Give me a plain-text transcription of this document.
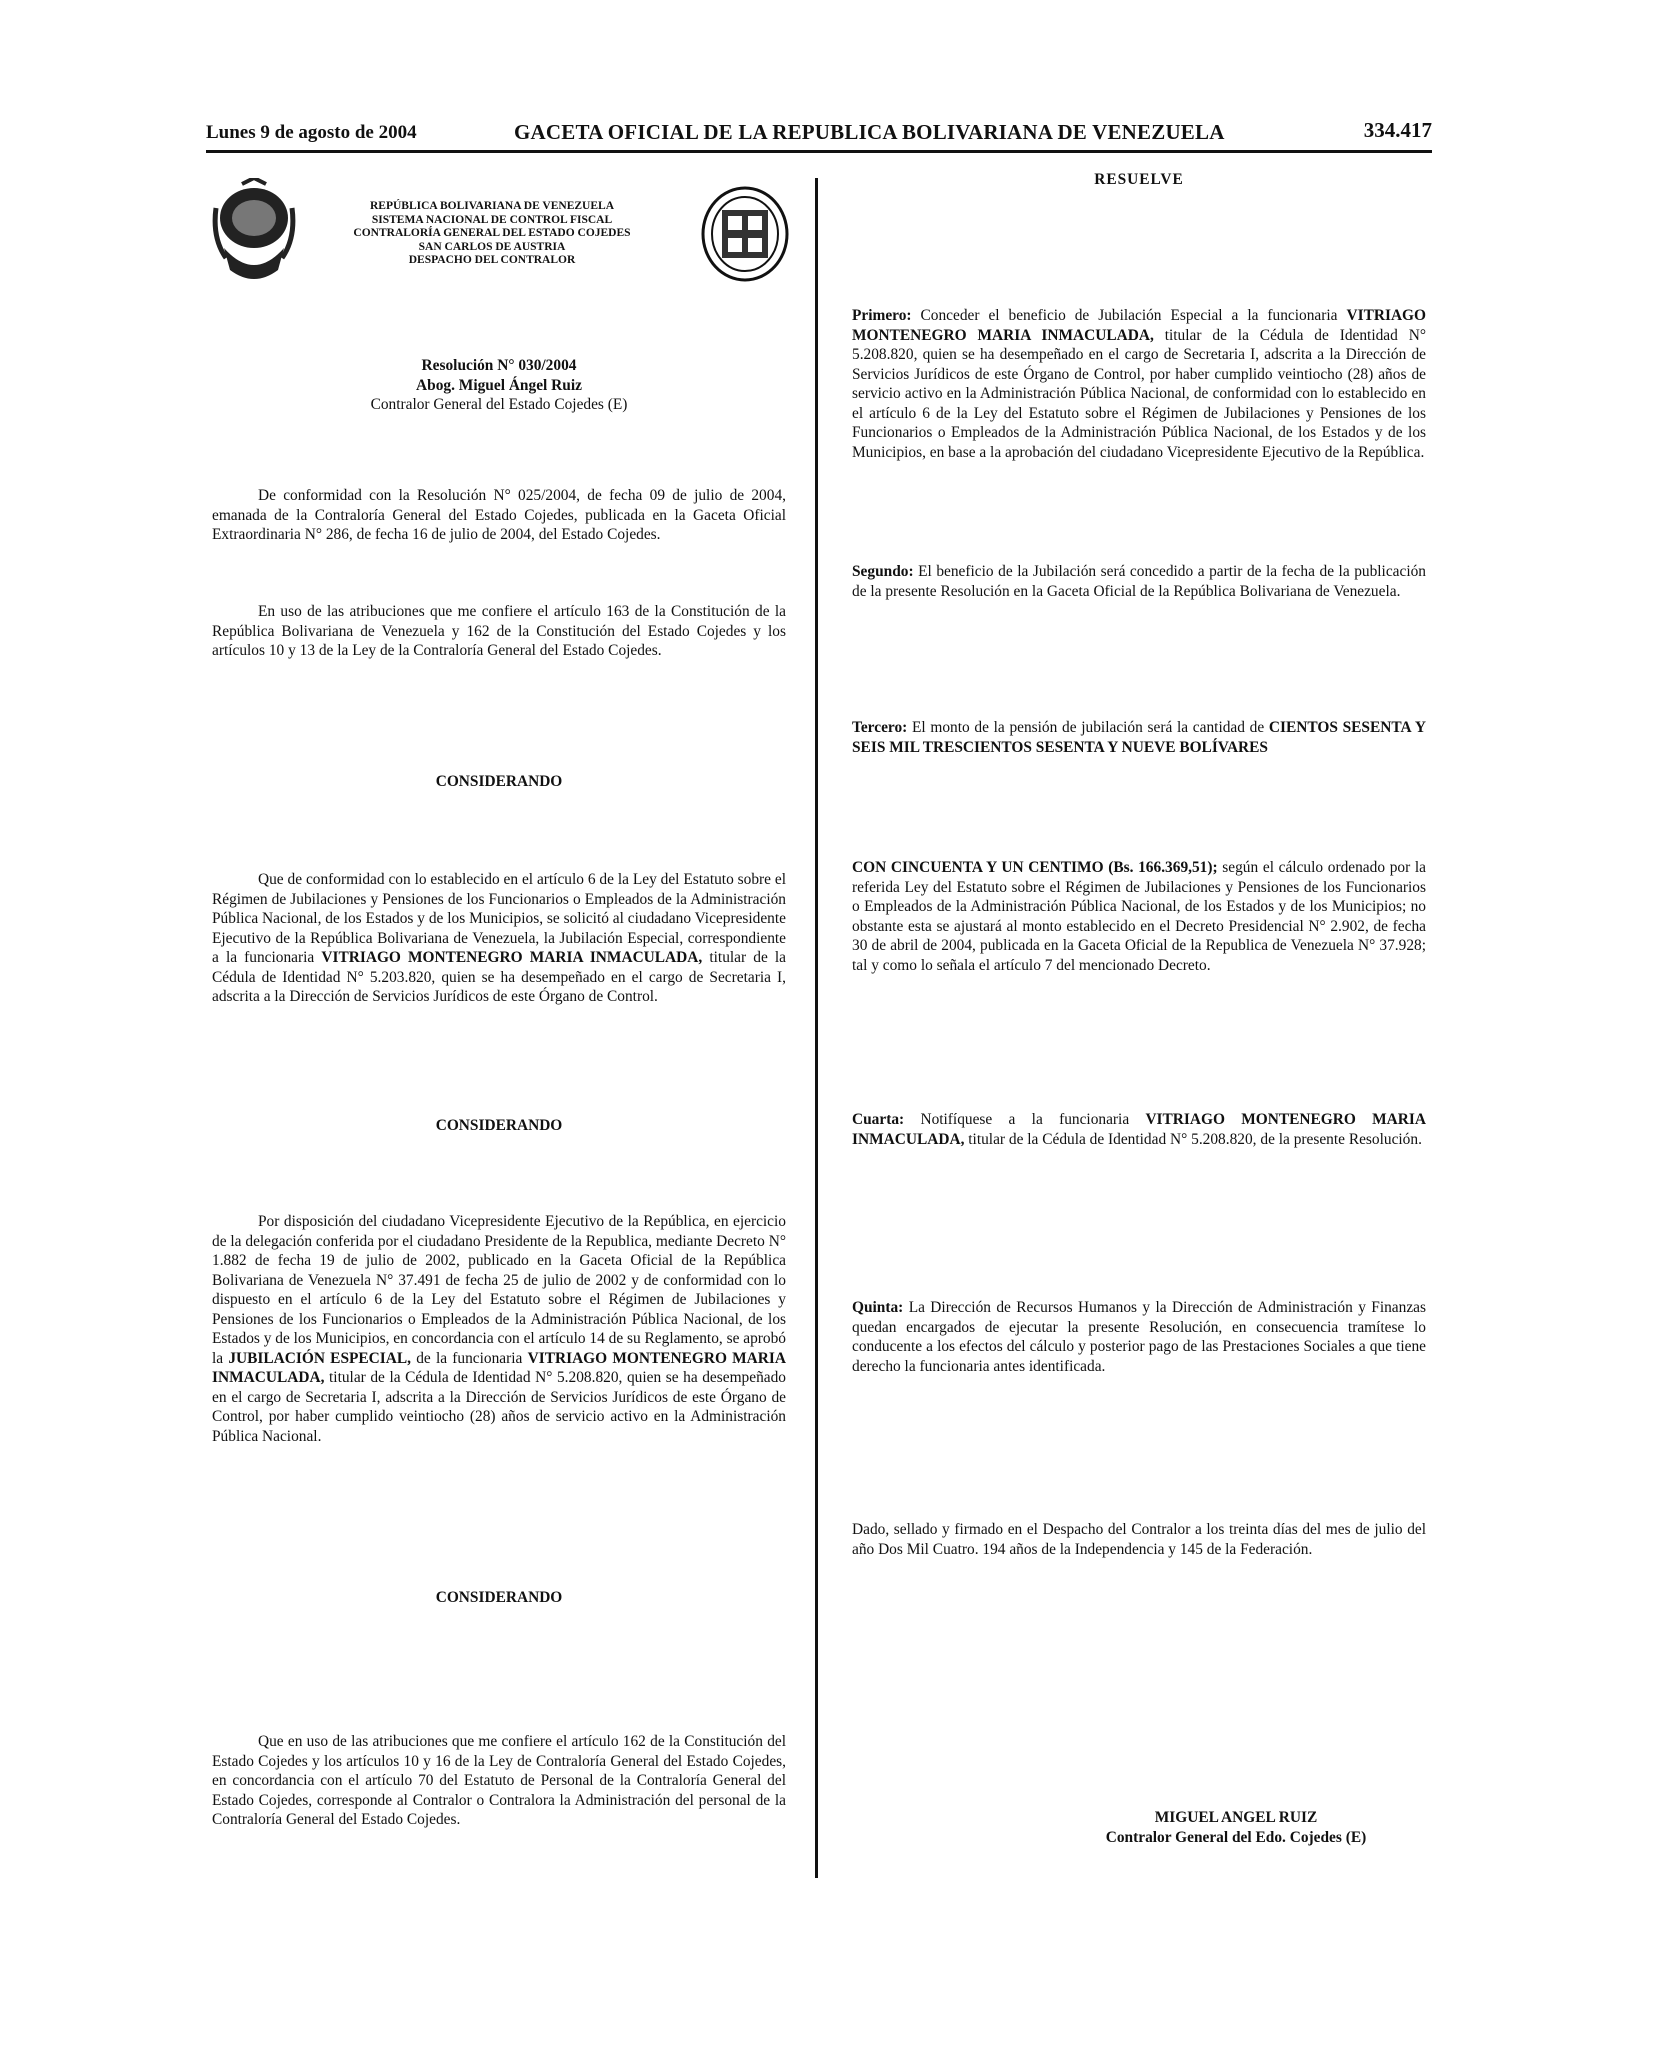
Lunes 9 de agosto de 2004	GACETA OFICIAL DE LA REPUBLICA BOLIVARIANA DE VENEZUELA	334.417
REPÚBLICA BOLIVARIANA DE VENEZUELA
SISTEMA NACIONAL DE CONTROL FISCAL
CONTRALORÍA GENERAL DEL ESTADO COJEDES
SAN CARLOS DE AUSTRIA
DESPACHO DEL CONTRALOR

Resolución N° 030/2004

Abog. Miguel Ángel Ruiz

Contralor General del Estado Cojedes (E)

De conformidad con la Resolución N° 025/2004, de fecha 09 de julio de 2004, emanada de la Contraloría General del Estado Cojedes, publicada en la Gaceta Oficial Extraordinaria N° 286, de fecha 16 de julio de 2004, del Estado Cojedes.

En uso de las atribuciones que me confiere el artículo 163 de la Constitución de la República Bolivariana de Venezuela y 162 de la Constitución del Estado Cojedes y los artículos 10 y 13 de la Ley de la Contraloría General del Estado Cojedes.

CONSIDERANDO

Que de conformidad con lo establecido en el artículo 6 de la Ley del Estatuto sobre el Régimen de Jubilaciones y Pensiones de los Funcionarios o Empleados de la Administración Pública Nacional, de los Estados y de los Municipios, se solicitó al ciudadano Vicepresidente Ejecutivo de la República Bolivariana de Venezuela, la Jubilación Especial, correspondiente a la funcionaria VITRIAGO MONTENEGRO MARIA INMACULADA, titular de la Cédula de Identidad N° 5.203.820, quien se ha desempeñado en el cargo de Secretaria I, adscrita a la Dirección de Servicios Jurídicos de este Órgano de Control.

CONSIDERANDO

Por disposición del ciudadano Vicepresidente Ejecutivo de la República, en ejercicio de la delegación conferida por el ciudadano Presidente de la Republica, mediante Decreto N° 1.882 de fecha 19 de julio de 2002, publicado en la Gaceta Oficial de la República Bolivariana de Venezuela N° 37.491 de fecha 25 de julio de 2002 y de conformidad con lo dispuesto en el artículo 6 de la Ley del Estatuto sobre el Régimen de Jubilaciones y Pensiones de los Funcionarios o Empleados de la Administración Pública Nacional, de los Estados y de los Municipios, en concordancia con el artículo 14 de su Reglamento, se aprobó la JUBILACIÓN ESPECIAL, de la funcionaria VITRIAGO MONTENEGRO MARIA INMACULADA, titular de la Cédula de Identidad N° 5.208.820, quien se ha desempeñado en el cargo de Secretaria I, adscrita a la Dirección de Servicios Jurídicos de este Órgano de Control, por haber cumplido veintiocho (28) años de servicio activo en la Administración Pública Nacional.

CONSIDERANDO

Que en uso de las atribuciones que me confiere el artículo 162 de la Constitución del Estado Cojedes y los artículos 10 y 16 de la Ley de Contraloría General del Estado Cojedes, en concordancia con el artículo 70 del Estatuto de Personal de la Contraloría General del Estado Cojedes, corresponde al Contralor o Contralora la Administración del personal de la Contraloría General del Estado Cojedes.

RESUELVE

Primero: Conceder el beneficio de Jubilación Especial a la funcionaria VITRIAGO MONTENEGRO MARIA INMACULADA, titular de la Cédula de Identidad N° 5.208.820, quien se ha desempeñado en el cargo de Secretaria I, adscrita a la Dirección de Servicios Jurídicos de este Órgano de Control, por haber cumplido veintiocho (28) años de servicio activo en la Administración Pública Nacional, de conformidad con lo establecido en el artículo 6 de la Ley del Estatuto sobre el Régimen de Jubilaciones y Pensiones de los Funcionarios o Empleados de la Administración Pública Nacional, de los Estados y de los Municipios, en base a la aprobación del ciudadano Vicepresidente Ejecutivo de la República.

Segundo: El beneficio de la Jubilación será concedido a partir de la fecha de la publicación de la presente Resolución en la Gaceta Oficial de la República Bolivariana de Venezuela.

Tercero: El monto de la pensión de jubilación será la cantidad de CIENTOS SESENTA Y SEIS MIL TRESCIENTOS SESENTA Y NUEVE BOLÍVARES

CON CINCUENTA Y UN CENTIMO (Bs. 166.369,51); según el cálculo ordenado por la referida Ley del Estatuto sobre el Régimen de Jubilaciones y Pensiones de los Funcionarios o Empleados de la Administración Pública Nacional, de los Estados y de los Municipios; no obstante esta se ajustará al monto establecido en el Decreto Presidencial N° 2.902, de fecha 30 de abril de 2004, publicada en la Gaceta Oficial de la Republica de Venezuela N° 37.928; tal y como lo señala el artículo 7 del mencionado Decreto.

Cuarta: Notifíquese a la funcionaria VITRIAGO MONTENEGRO MARIA INMACULADA, titular de la Cédula de Identidad N° 5.208.820, de la presente Resolución.

Quinta: La Dirección de Recursos Humanos y la Dirección de Administración y Finanzas quedan encargados de ejecutar la presente Resolución, en consecuencia tramítese lo conducente a los efectos del cálculo y posterior pago de las Prestaciones Sociales a que tiene derecho la funcionaria antes identificada.

Dado, sellado y firmado en el Despacho del Contralor a los treinta días del mes de julio del año Dos Mil Cuatro. 194 años de la Independencia y 145 de la Federación.

MIGUEL ANGEL RUIZ
Contralor General del Edo. Cojedes (E)
